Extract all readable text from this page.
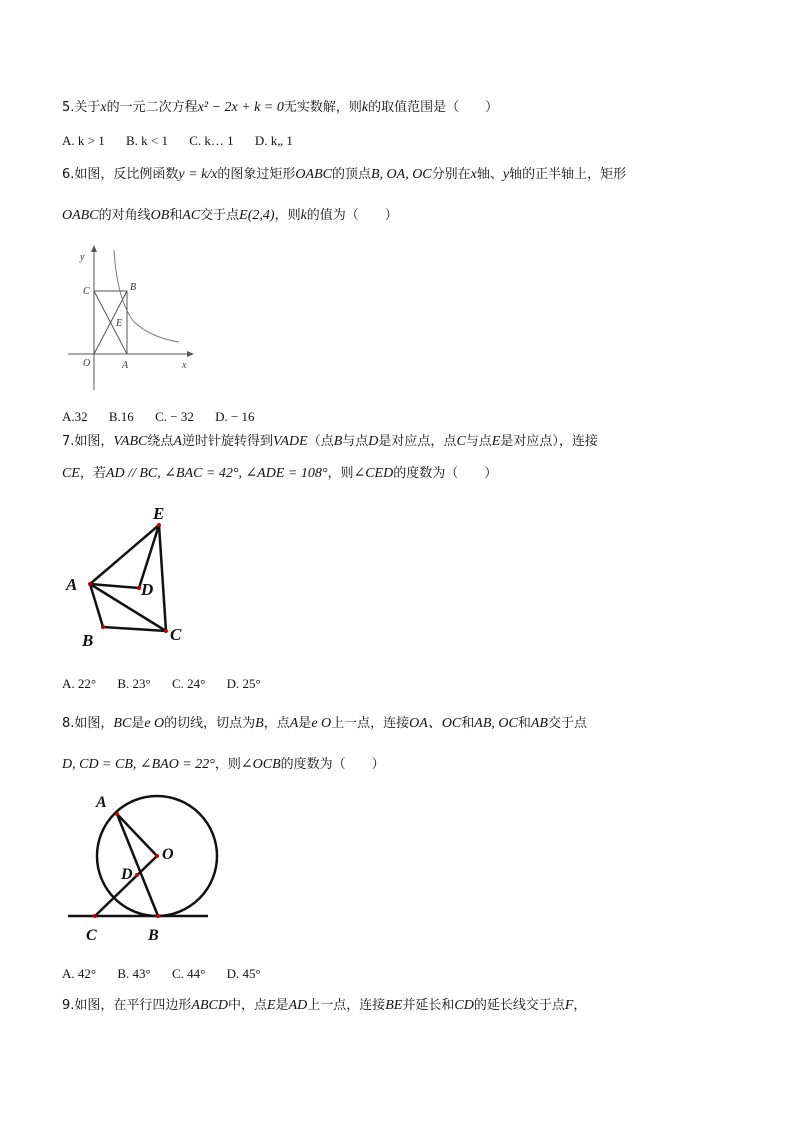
5.关于x的一元二次方程x² − 2x + k = 0无实数解，则k的取值范围是（　　）
A. k > 1 B. k < 1 C. k… 1 D. k„ 1
6.如图，反比例函数y = k/x的图象过矩形OABC的顶点B, OA, OC分别在x轴、y轴的正半轴上，矩形
OABC的对角线OB和AC交于点E(2,4)，则k的值为（　　）
y
x
C	B
E
O	A
A.32 B.16 C. − 32 D. − 16
7.如图，VABC绕点A逆时针旋转得到VADE（点B与点D是对应点，点C与点E是对应点），连接
CE，若AD // BC, ∠BAC = 42°, ∠ADE = 108°，则∠CED的度数为（　　）
E
A	D
B	C
A. 22° B. 23° C. 24° D. 25°
8.如图，BC是e O的切线，切点为B，点A是e O上一点，连接OA、OC和AB, OC和AB交于点
D, CD = CB, ∠BAO = 22°，则∠OCB的度数为（　　）
A
O
D
C	B
A. 42° B. 43° C. 44° D. 45°
9.如图，在平行四边形ABCD中，点E是AD上一点，连接BE并延长和CD的延长线交于点F，
